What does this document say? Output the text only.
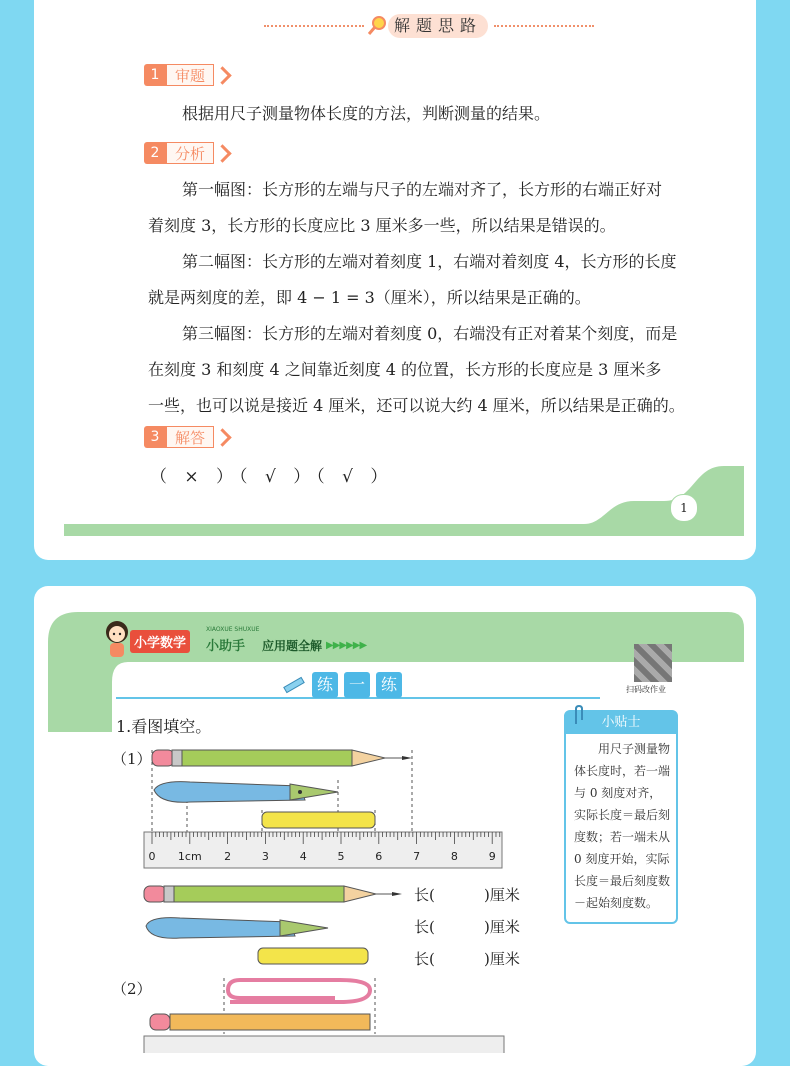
解题思路
1	审题
根据用尺子测量物体长度的方法，判断测量的结果。
2	分析
第一幅图：长方形的左端与尺子的左端对齐了，长方形的右端正好对
着刻度 3，长方形的长度应比 3 厘米多一些，所以结果是错误的。
第二幅图：长方形的左端对着刻度 1，右端对着刻度 4，长方形的长度
就是两刻度的差，即 4 − 1 = 3（厘米），所以结果是正确的。
第三幅图：长方形的左端对着刻度 0，右端没有正对着某个刻度，而是
在刻度 3 和刻度 4 之间靠近刻度 4 的位置，长方形的长度应是 3 厘米多
一些，也可以说是接近 4 厘米，还可以说大约 4 厘米，所以结果是正确的。
3	解答
（ × ）（ √ ）（ √ ）
1
小学数学
XIAOXUE SHUXUE
小助手 应用题全解 ▶▶▶▶▶▶
扫码改作业
练 一 练
1.看图填空。
（1）
0 1cm 2	3	4	5	6	7	8	9
长(	)厘米
长(	)厘米
长(	)厘米
小贴士
用尺子测量物体长度时，若一端与 0 刻度对齐，实际长度＝最后刻度数；若一端未从 0 刻度开始，实际长度＝最后刻度数－起始刻度数。
（2）
